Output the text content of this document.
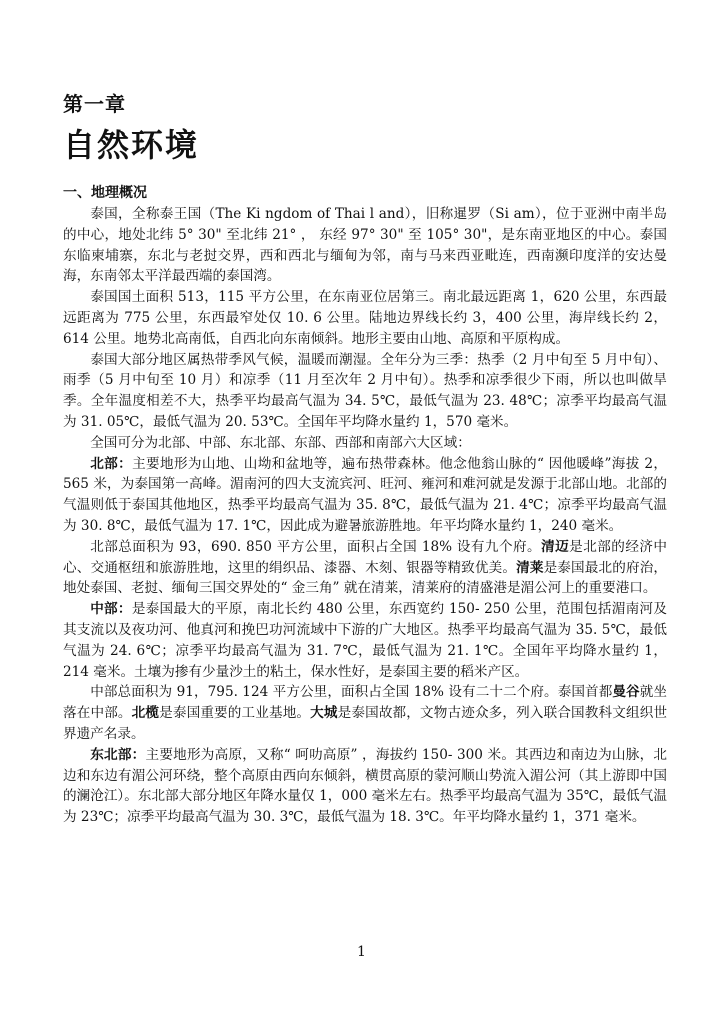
第一章
自然环境
一、地理概况

泰国，全称泰王国（The Ki ngdom of Thai l and），旧称暹罗（Si am），位于亚洲中南半岛的中心，地处北纬 5° 30" 至北纬 21° ， 东经 97° 30" 至 105° 30"，是东南亚地区的中心。泰国东临柬埔寨，东北与老挝交界，西和西北与缅甸为邻，南与马来西亚毗连，西南濒印度洋的安达曼海，东南邻太平洋最西端的泰国湾。

泰国国土面积 513，115 平方公里，在东南亚位居第三。南北最远距离 1，620 公里，东西最远距离为 775 公里，东西最窄处仅 10. 6 公里。陆地边界线长约 3，400 公里，海岸线长约 2，614 公里。地势北高南低，自西北向东南倾斜。地形主要由山地、高原和平原构成。

泰国大部分地区属热带季风气候，温暖而潮湿。全年分为三季：热季（2 月中旬至 5 月中旬）、雨季（5 月中旬至 10 月）和凉季（11 月至次年 2 月中旬）。热季和凉季很少下雨，所以也叫做旱季。全年温度相差不大，热季平均最高气温为 34. 5℃，最低气温为 23. 48℃；凉季平均最高气温为 31. 05℃，最低气温为 20. 53℃。全国年平均降水量约 1，570 毫米。

全国可分为北部、中部、东北部、东部、西部和南部六大区域：

北部：主要地形为山地、山坳和盆地等，遍布热带森林。他念他翁山脉的“ 因他暖峰”海拔 2，565 米，为泰国第一高峰。湄南河的四大支流宾河、旺河、雍河和难河就是发源于北部山地。北部的气温则低于泰国其他地区，热季平均最高气温为 35. 8℃，最低气温为 21. 4℃；凉季平均最高气温为 30. 8℃，最低气温为 17. 1℃，因此成为避暑旅游胜地。年平均降水量约 1，240 毫米。

北部总面积为 93，690. 850 平方公里，面积占全国 18% 设有九个府。清迈是北部的经济中心、交通枢纽和旅游胜地，这里的绢织品、漆器、木刻、银器等精致优美。清莱是泰国最北的府治，地处泰国、老挝、缅甸三国交界处的“ 金三角” 就在清莱，清莱府的清盛港是湄公河上的重要港口。

中部：是泰国最大的平原，南北长约 480 公里，东西宽约 150- 250 公里，范围包括湄南河及其支流以及夜功河、他真河和挽巴功河流域中下游的广大地区。热季平均最高气温为 35. 5℃，最低气温为 24. 6℃；凉季平均最高气温为 31. 7℃，最低气温为 21. 1℃。全国年平均降水量约 1，214 毫米。土壤为掺有少量沙土的粘土，保水性好，是泰国主要的稻米产区。

中部总面积为 91，795. 124 平方公里，面积占全国 18% 设有二十二个府。泰国首都曼谷就坐落在中部。北榄是泰国重要的工业基地。大城是泰国故都，文物古迹众多，列入联合国教科文组织世界遗产名录。

东北部：主要地形为高原，又称“ 呵叻高原” ，海拔约 150- 300 米。其西边和南边为山脉，北边和东边有湄公河环绕，整个高原由西向东倾斜，横贯高原的蒙河顺山势流入湄公河（其上游即中国的澜沧江）。东北部大部分地区年降水量仅 1，000 毫米左右。热季平均最高气温为 35℃，最低气温为 23℃；凉季平均最高气温为 30. 3℃，最低气温为 18. 3℃。年平均降水量约 1，371 毫米。

1
